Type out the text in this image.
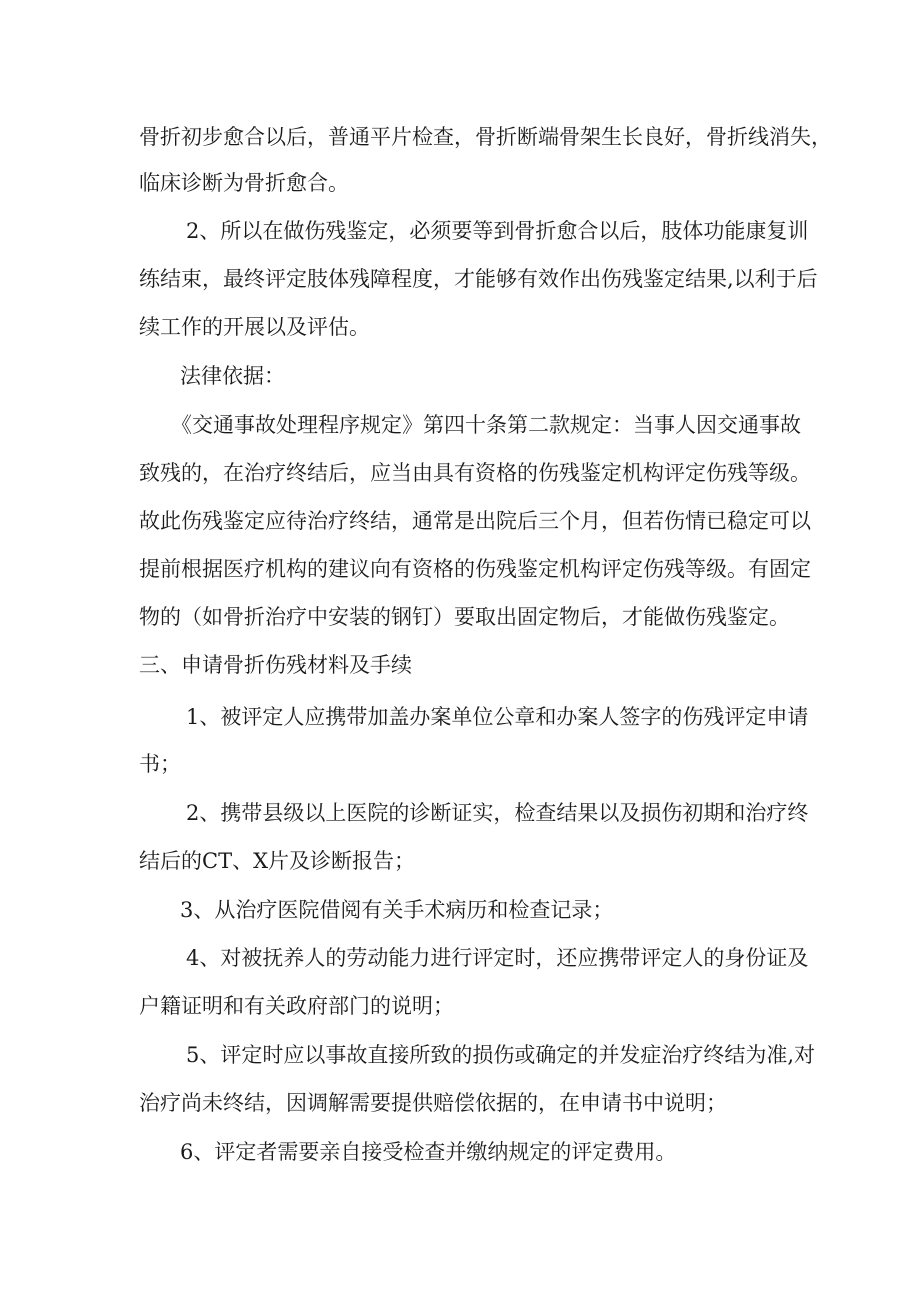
骨折初步愈合以后，普通平片检查，骨折断端骨架生长良好，骨折线消失，

临床诊断为骨折愈合。

2、所以在做伤残鉴定，必须要等到骨折愈合以后，肢体功能康复训

练结束，最终评定肢体残障程度，才能够有效作出伤残鉴定结果,以利于后

续工作的开展以及评估。

法律依据：

《交通事故处理程序规定》第四十条第二款规定：当事人因交通事故

致残的，在治疗终结后，应当由具有资格的伤残鉴定机构评定伤残等级。

故此伤残鉴定应待治疗终结，通常是出院后三个月，但若伤情已稳定可以

提前根据医疗机构的建议向有资格的伤残鉴定机构评定伤残等级。有固定

物的（如骨折治疗中安装的钢钉）要取出固定物后，才能做伤残鉴定。

三、申请骨折伤残材料及手续

1、被评定人应携带加盖办案单位公章和办案人签字的伤残评定申请

书；

2、携带县级以上医院的诊断证实，检查结果以及损伤初期和治疗终

结后的CT、X片及诊断报告；

3、从治疗医院借阅有关手术病历和检查记录；

4、对被抚养人的劳动能力进行评定时，还应携带评定人的身份证及

户籍证明和有关政府部门的说明；

5、评定时应以事故直接所致的损伤或确定的并发症治疗终结为准,对

治疗尚未终结，因调解需要提供赔偿依据的，在申请书中说明；

6、评定者需要亲自接受检查并缴纳规定的评定费用。
